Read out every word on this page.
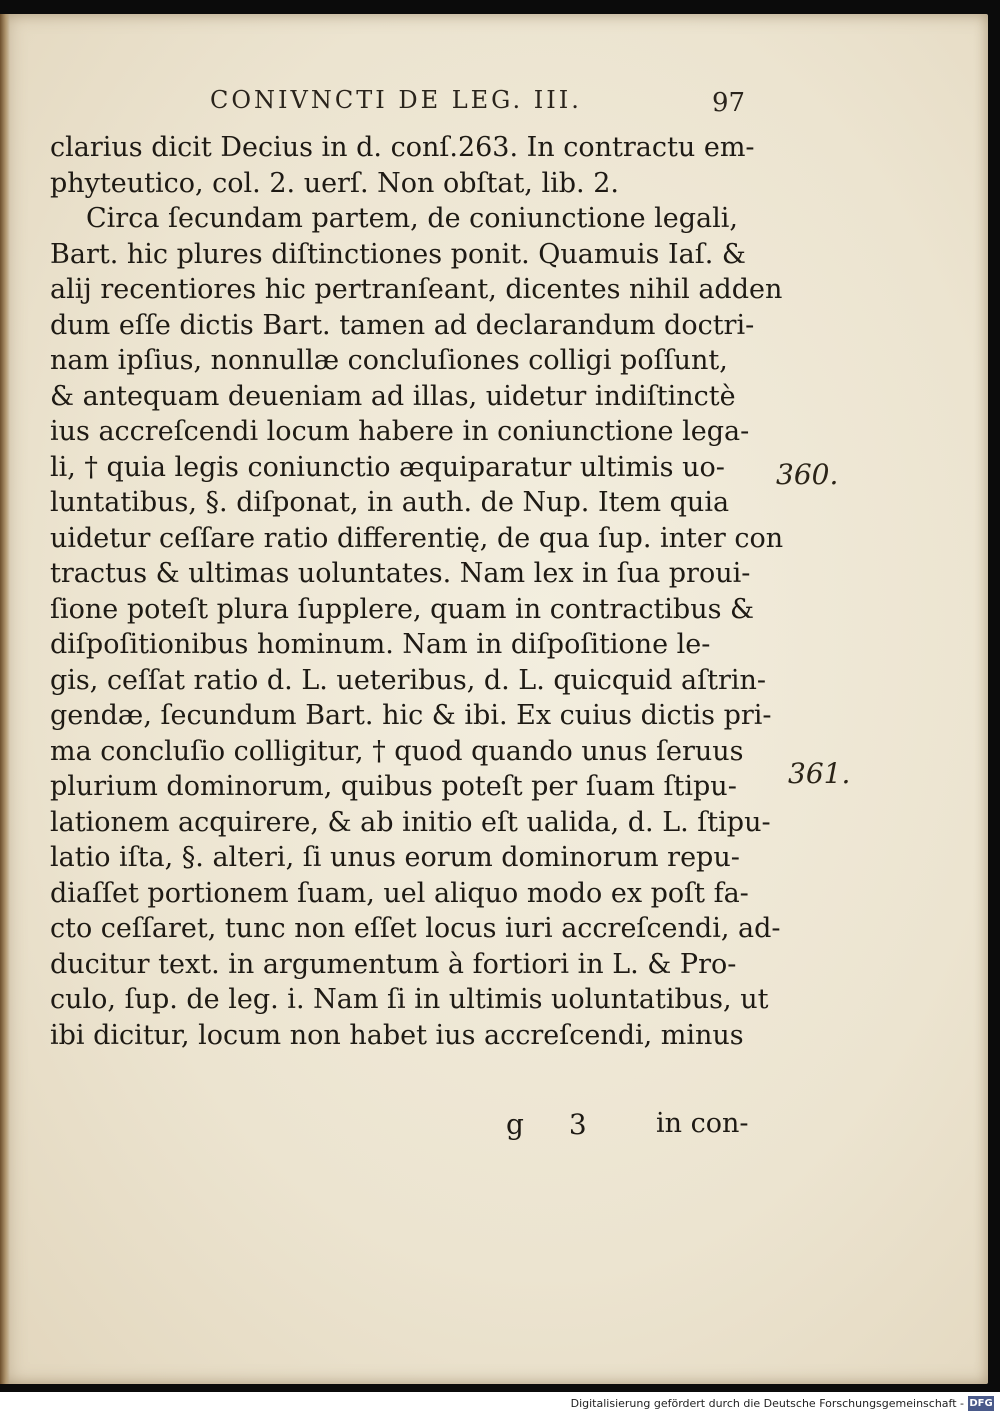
CONIVNCTI DE LEG. III.	97
clarius dicit Decius in d. conſ.263. In contractu em-
phyteutico, col. 2. uerſ. Non obſtat, lib. 2.
Circa ſecundam partem, de coniunctione legali,
Bart. hic plures diſtinctiones ponit. Quamuis Iaſ. &
alij recentiores hic pertranſeant, dicentes nihil adden
dum eſſe dictis Bart. tamen ad declarandum doctri-
nam ipſius, nonnullæ concluſiones colligi poſſunt,
& antequam deueniam ad illas, uidetur indiſtinctè
ius accreſcendi locum habere in coniunctione lega-
li, † quia legis coniunctio æquiparatur ultimis uo-
luntatibus, §. diſponat, in auth. de Nup. Item quia
uidetur ceſſare ratio differentię, de qua ſup. inter con
tractus & ultimas uoluntates. Nam lex in ſua proui-
ſione poteſt plura ſupplere, quam in contractibus &
diſpoſitionibus hominum. Nam in diſpoſitione le-
gis, ceſſat ratio d. L. ueteribus, d. L. quicquid aſtrin-
gendæ, ſecundum Bart. hic & ibi. Ex cuius dictis pri-
ma concluſio colligitur, † quod quando unus ſeruus
plurium dominorum, quibus poteſt per ſuam ſtipu-
lationem acquirere, & ab initio eſt ualida, d. L. ſtipu-
latio iſta, §. alteri, ſi unus eorum dominorum repu-
diaſſet portionem ſuam, uel aliquo modo ex poſt fa-
cto ceſſaret, tunc non eſſet locus iuri accreſcendi, ad-
ducitur text. in argumentum à fortiori in L. & Pro-
culo, ſup. de leg. i. Nam ſi in ultimis uoluntatibus, ut
ibi dicitur, locum non habet ius accreſcendi, minus
360.
361.
g 3 in con-
Digitalisierung gefördert durch die Deutsche Forschungsgemeinschaft - DFG
